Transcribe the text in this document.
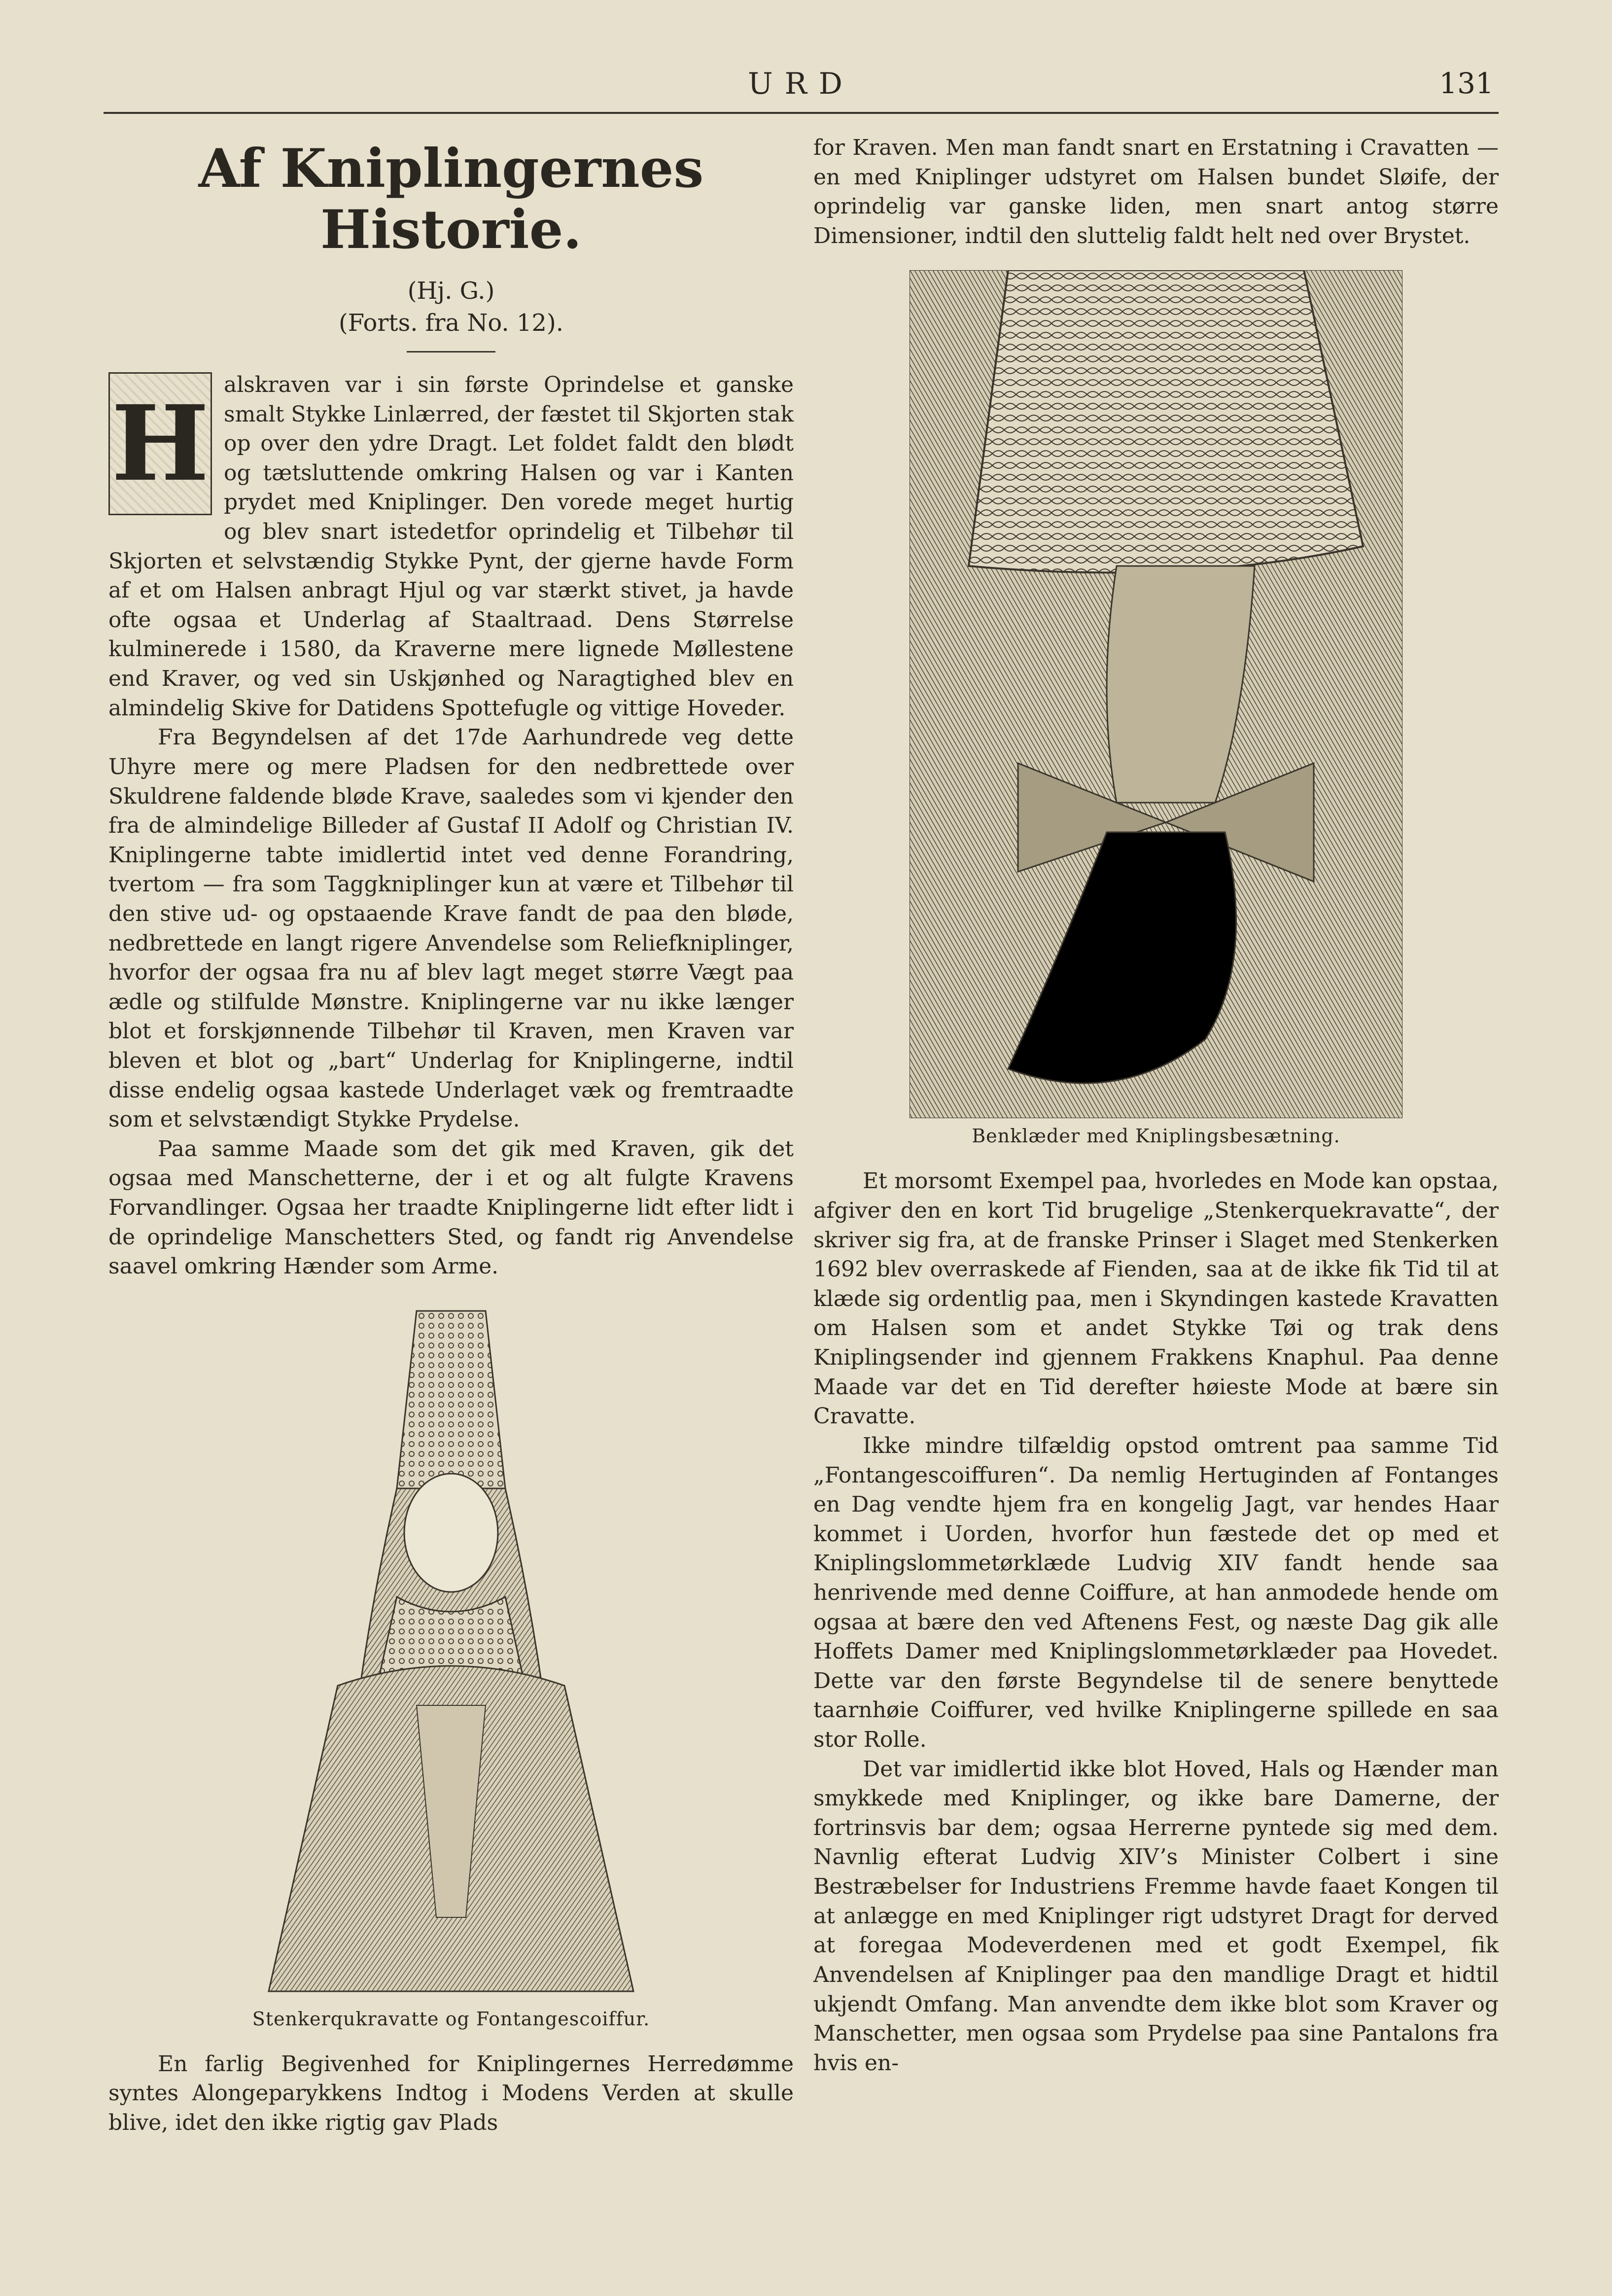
URD	131
Af Kniplingernes Historie.

(Hj. G.)

(Forts. fra No. 12).

H alskraven var i sin første Oprindelse et ganske smalt Stykke Linlærred, der fæstet til Skjorten stak op over den ydre Dragt. Let foldet faldt den blødt og tætsluttende omkring Halsen og var i Kanten prydet med Kniplinger. Den vorede meget hurtig og blev snart istedetfor oprindelig et Tilbehør til Skjorten et selvstændig Stykke Pynt, der gjerne havde Form af et om Halsen anbragt Hjul og var stærkt stivet, ja havde ofte ogsaa et Underlag af Staaltraad. Dens Størrelse kulminerede i 1580, da Kraverne mere lignede Møllestene end Kraver, og ved sin Uskjønhed og Naragtighed blev en almindelig Skive for Datidens Spottefugle og vittige Hoveder.

Fra Begyndelsen af det 17de Aarhundrede veg dette Uhyre mere og mere Pladsen for den nedbrettede over Skuldrene faldende bløde Krave, saaledes som vi kjender den fra de almindelige Billeder af Gustaf II Adolf og Christian IV. Kniplingerne tabte imidlertid intet ved denne Forandring, tvertom — fra som Taggkniplinger kun at være et Tilbehør til den stive ud- og opstaaende Krave fandt de paa den bløde, nedbrettede en langt rigere Anvendelse som Reliefkniplinger, hvorfor der ogsaa fra nu af blev lagt meget større Vægt paa ædle og stilfulde Mønstre. Kniplingerne var nu ikke længer blot et forskjønnende Tilbehør til Kraven, men Kraven var bleven et blot og „bart“ Underlag for Kniplingerne, indtil disse endelig ogsaa kastede Underlaget væk og fremtraadte som et selvstændigt Stykke Prydelse.

Paa samme Maade som det gik med Kraven, gik det ogsaa med Manschetterne, der i et og alt fulgte Kravens Forvandlinger. Ogsaa her traadte Kniplingerne lidt efter lidt i de oprindelige Manschetters Sted, og fandt rig Anvendelse saavel omkring Hænder som Arme.

Stenkerqukravatte og Fontangescoiffur.

En farlig Begivenhed for Kniplingernes Herredømme syntes Alongeparykkens Indtog i Modens Verden at skulle blive, idet den ikke rigtig gav Plads

for Kraven. Men man fandt snart en Erstatning i Cravatten — en med Kniplinger udstyret om Halsen bundet Sløife, der oprindelig var ganske liden, men snart antog større Dimensioner, indtil den sluttelig faldt helt ned over Brystet.

Benklæder med Kniplingsbesætning.

Et morsomt Exempel paa, hvorledes en Mode kan opstaa, afgiver den en kort Tid brugelige „Stenkerquekravatte“, der skriver sig fra, at de franske Prinser i Slaget med Stenkerken 1692 blev overraskede af Fienden, saa at de ikke fik Tid til at klæde sig ordentlig paa, men i Skyndingen kastede Kravatten om Halsen som et andet Stykke Tøi og trak dens Kniplingsender ind gjennem Frakkens Knaphul. Paa denne Maade var det en Tid derefter høieste Mode at bære sin Cravatte.

Ikke mindre tilfældig opstod omtrent paa samme Tid „Fontangescoiffuren“. Da nemlig Hertuginden af Fontanges en Dag vendte hjem fra en kongelig Jagt, var hendes Haar kommet i Uorden, hvorfor hun fæstede det op med et Kniplingslommetørklæde Ludvig XIV fandt hende saa henrivende med denne Coiffure, at han anmodede hende om ogsaa at bære den ved Aftenens Fest, og næste Dag gik alle Hoffets Damer med Kniplingslommetørklæder paa Hovedet. Dette var den første Begyndelse til de senere benyttede taarnhøie Coiffurer, ved hvilke Kniplingerne spillede en saa stor Rolle.

Det var imidlertid ikke blot Hoved, Hals og Hænder man smykkede med Kniplinger, og ikke bare Damerne, der fortrinsvis bar dem; ogsaa Herrerne pyntede sig med dem. Navnlig efterat Ludvig XIV’s Minister Colbert i sine Bestræbelser for Industriens Fremme havde faaet Kongen til at anlægge en med Kniplinger rigt udstyret Dragt for derved at foregaa Modeverdenen med et godt Exempel, fik Anvendelsen af Kniplinger paa den mandlige Dragt et hidtil ukjendt Omfang. Man anvendte dem ikke blot som Kraver og Manschetter, men ogsaa som Prydelse paa sine Pantalons fra hvis en-
